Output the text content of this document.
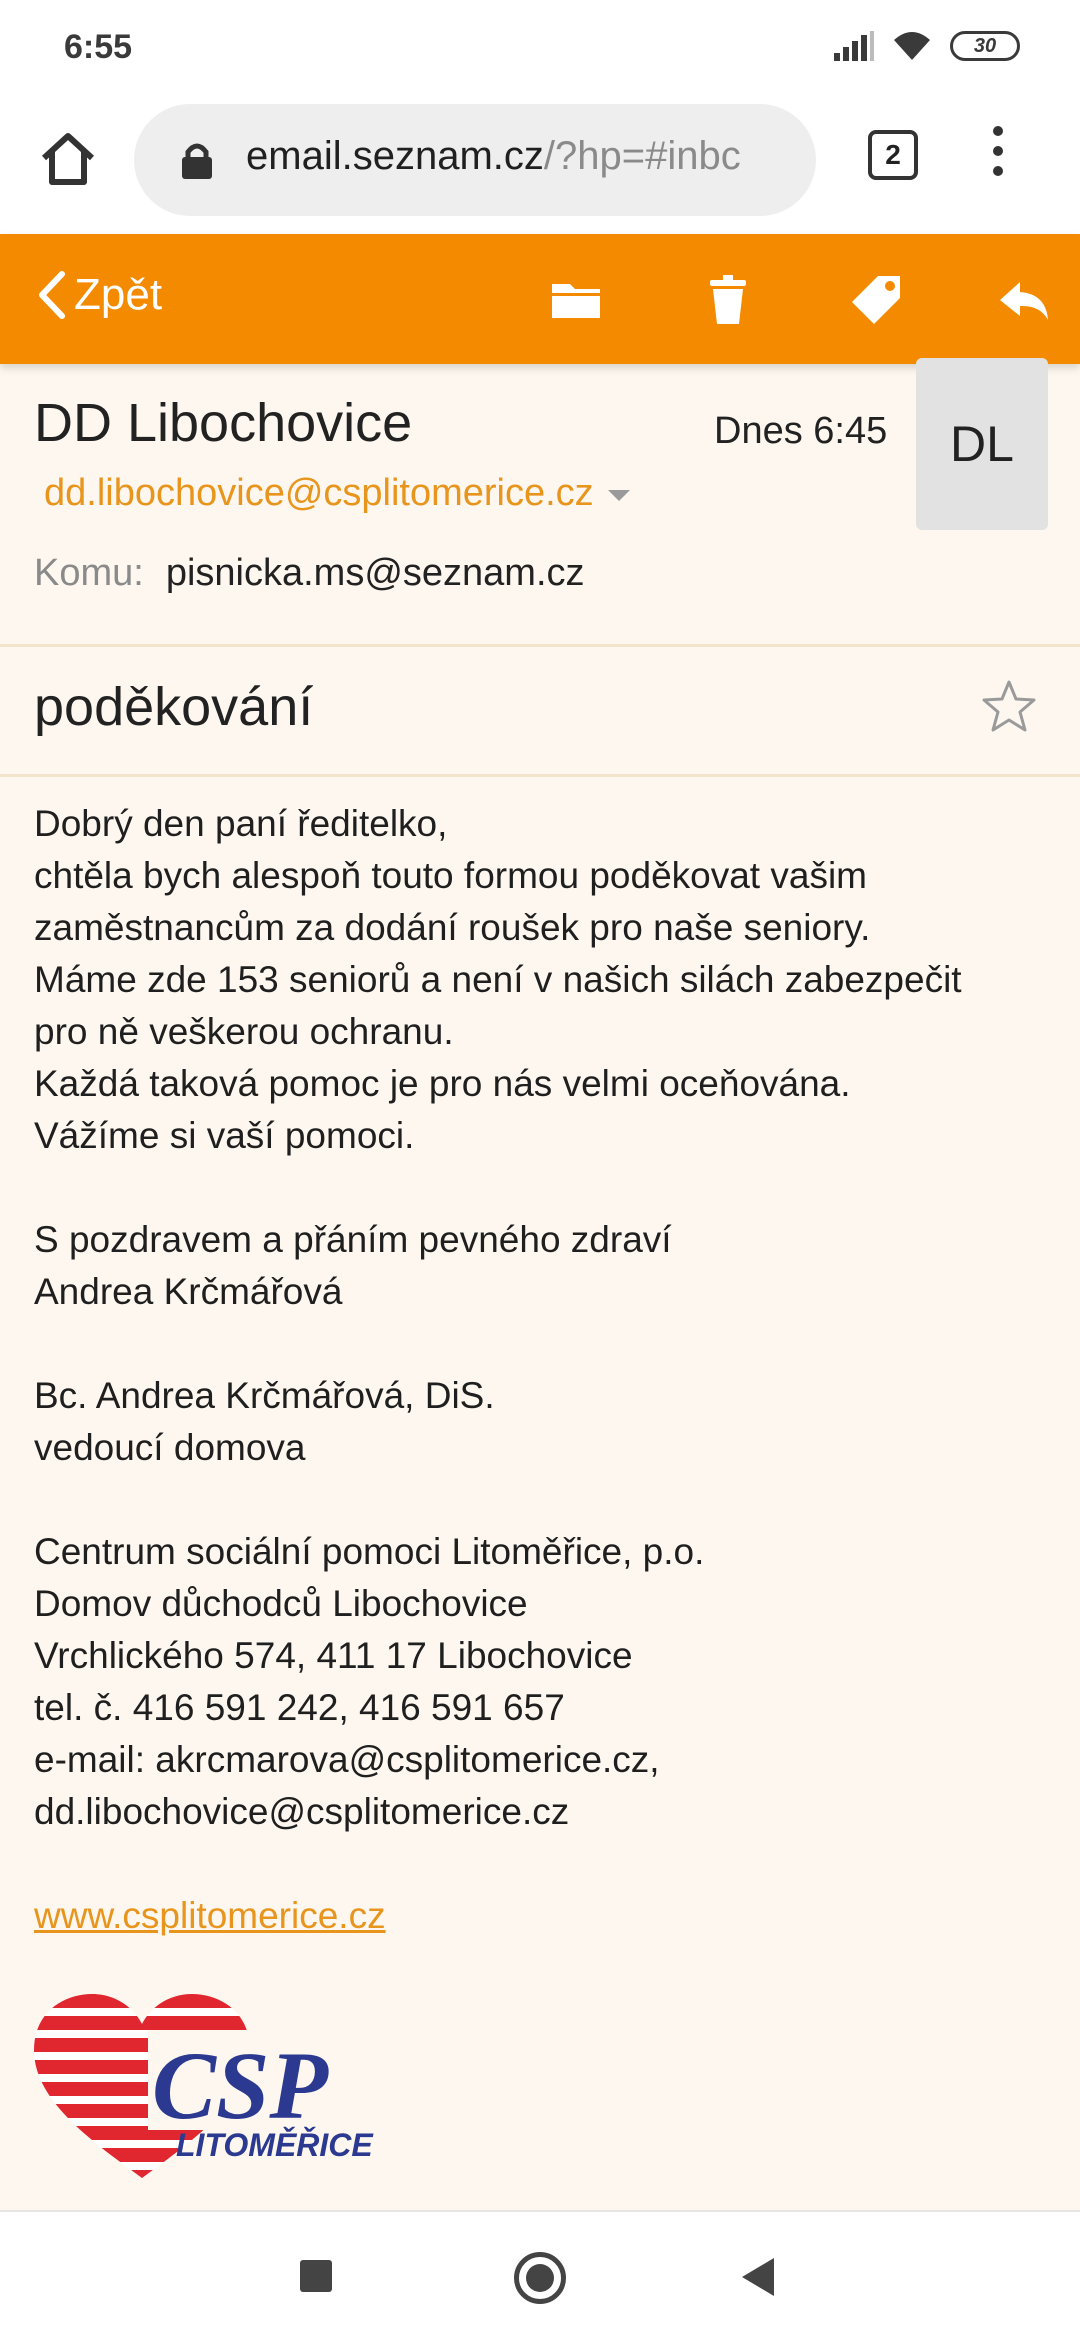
6:55	30
email.seznam.cz/?hp=#inbc	2
Zpět
DD Libochovice	Dnes 6:45	DL
dd.libochovice@csplitomerice.cz
Komu: pisnicka.ms@seznam.cz
poděkování
Dobrý den paní ředitelko,
chtěla bych alespoň touto formou poděkovat vašim
zaměstnancům za dodání roušek pro naše seniory.
Máme zde 153 seniorů a není v našich silách zabezpečit
pro ně veškerou ochranu.
Každá taková pomoc je pro nás velmi oceňována.
Vážíme si vaší pomoci.
S pozdravem a přáním pevného zdraví
Andrea Krčmářová
Bc. Andrea Krčmářová, DiS.
vedoucí domova
Centrum sociální pomoci Litoměřice, p.o.
Domov důchodců Libochovice
Vrchlického 574, 411 17 Libochovice
tel. č. 416 591 242, 416 591 657
e-mail: akrcmarova@csplitomerice.cz,
dd.libochovice@csplitomerice.cz
www.csplitomerice.cz
CSP
LITOMĚŘICE
